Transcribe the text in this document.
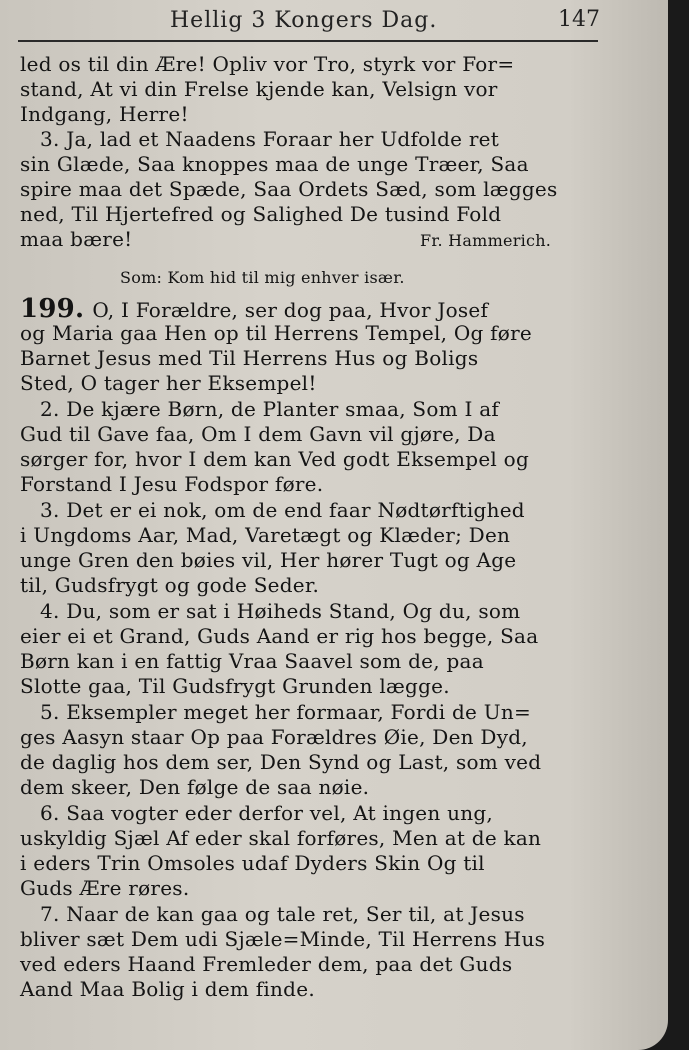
Hellig 3 Kongers Dag.	147
led os til din Ære! Opliv vor Tro, styrk vor For=
stand, At vi din Frelse kjende kan, Velsign vor
Indgang, Herre!
3. Ja, lad et Naadens Foraar her Udfolde ret
sin Glæde, Saa knoppes maa de unge Træer, Saa
spire maa det Spæde, Saa Ordets Sæd, som lægges
ned, Til Hjertefred og Salighed De tusind Fold
maa bære!	Fr. Hammerich.
Som: Kom hid til mig enhver især.
199. O, I Forældre, ser dog paa, Hvor Josef
og Maria gaa Hen op til Herrens Tempel, Og føre
Barnet Jesus med Til Herrens Hus og Boligs
Sted, O tager her Eksempel!
2. De kjære Børn, de Planter smaa, Som I af
Gud til Gave faa, Om I dem Gavn vil gjøre, Da
sørger for, hvor I dem kan Ved godt Eksempel og
Forstand I Jesu Fodspor føre.
3. Det er ei nok, om de end faar Nødtørftighed
i Ungdoms Aar, Mad, Varetægt og Klæder; Den
unge Gren den bøies vil, Her hører Tugt og Age
til, Gudsfrygt og gode Seder.
4. Du, som er sat i Høiheds Stand, Og du, som
eier ei et Grand, Guds Aand er rig hos begge, Saa
Børn kan i en fattig Vraa Saavel som de, paa
Slotte gaa, Til Gudsfrygt Grunden lægge.
5. Eksempler meget her formaar, Fordi de Un=
ges Aasyn staar Op paa Forældres Øie, Den Dyd,
de daglig hos dem ser, Den Synd og Last, som ved
dem skeer, Den følge de saa nøie.
6. Saa vogter eder derfor vel, At ingen ung,
uskyldig Sjæl Af eder skal forføres, Men at de kan
i eders Trin Omsoles udaf Dyders Skin Og til
Guds Ære røres.
7. Naar de kan gaa og tale ret, Ser til, at Jesus
bliver sæt Dem udi Sjæle=Minde, Til Herrens Hus
ved eders Haand Fremleder dem, paa det Guds
Aand Maa Bolig i dem finde.
